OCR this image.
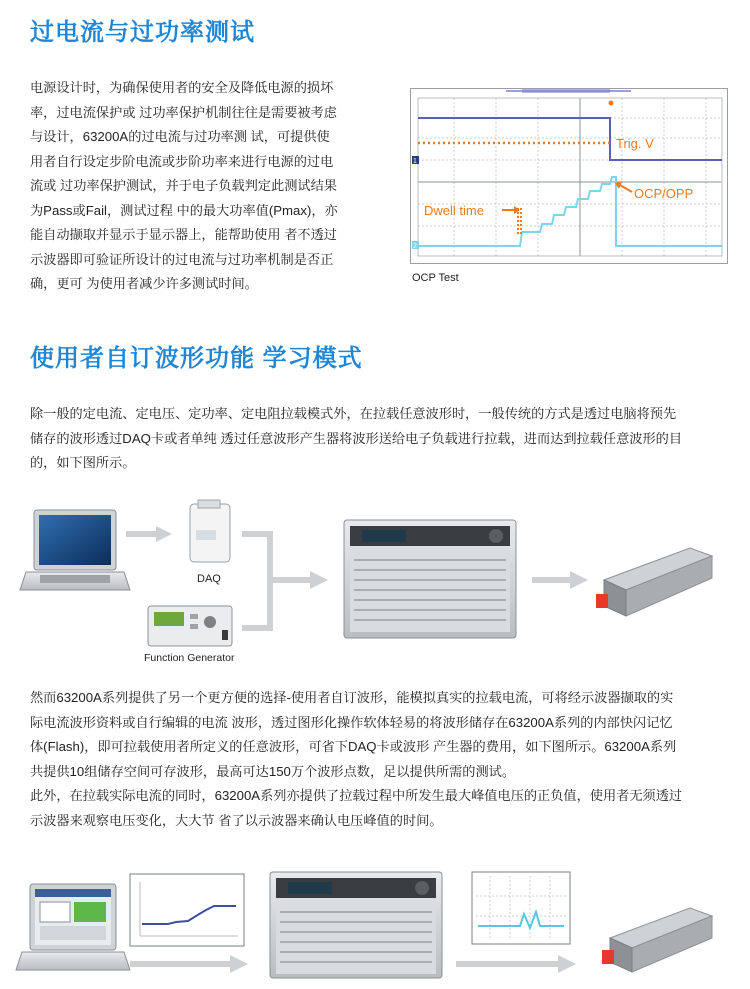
过电流与过功率测试
电源设计时，为确保使用者的安全及降低电源的损坏
率，过电流保护或 过功率保护机制往往是需要被考虑
与设计，63200A的过电流与过功率测 试，可提供使
用者自行设定步阶电流或步阶功率来进行电源的过电
流或 过功率保护测试，并于电子负载判定此测试结果
为Pass或Fail，测试过程 中的最大功率值(Pmax)，亦
能自动撷取并显示于显示器上，能帮助使用 者不透过
示波器即可验证所设计的过电流与过功率机制是否正
确，更可 为使用者减少许多测试时间。
1
2
Trig. V
OCP/OPP
Dwell time
OCP Test
使用者自订波形功能 学习模式
除一般的定电流、定电压、定功率、定电阻拉载模式外，在拉载任意波形时，一般传统的方式是透过电脑将预先
储存的波形透过DAQ卡或者单纯 透过任意波形产生器将波形送给电子负载进行拉载，进而达到拉载任意波形的目
的，如下图所示。
DAQ
Function Generator
然而63200A系列提供了另一个更方便的选择-使用者自订波形，能模拟真实的拉载电流，可将经示波器撷取的实
际电流波形资料或自行编辑的电流 波形，透过图形化操作软体轻易的将波形储存在63200A系列的内部快闪记忆
体(Flash)，即可拉载使用者所定义的任意波形，可省下DAQ卡或波形 产生器的费用，如下图所示。63200A系列
共提供10组储存空间可存波形，最高可达150万个波形点数，足以提供所需的测试。
此外，在拉载实际电流的同时，63200A系列亦提供了拉载过程中所发生最大峰值电压的正负值，使用者无须透过
示波器来观察电压变化，大大节 省了以示波器来确认电压峰值的时间。
